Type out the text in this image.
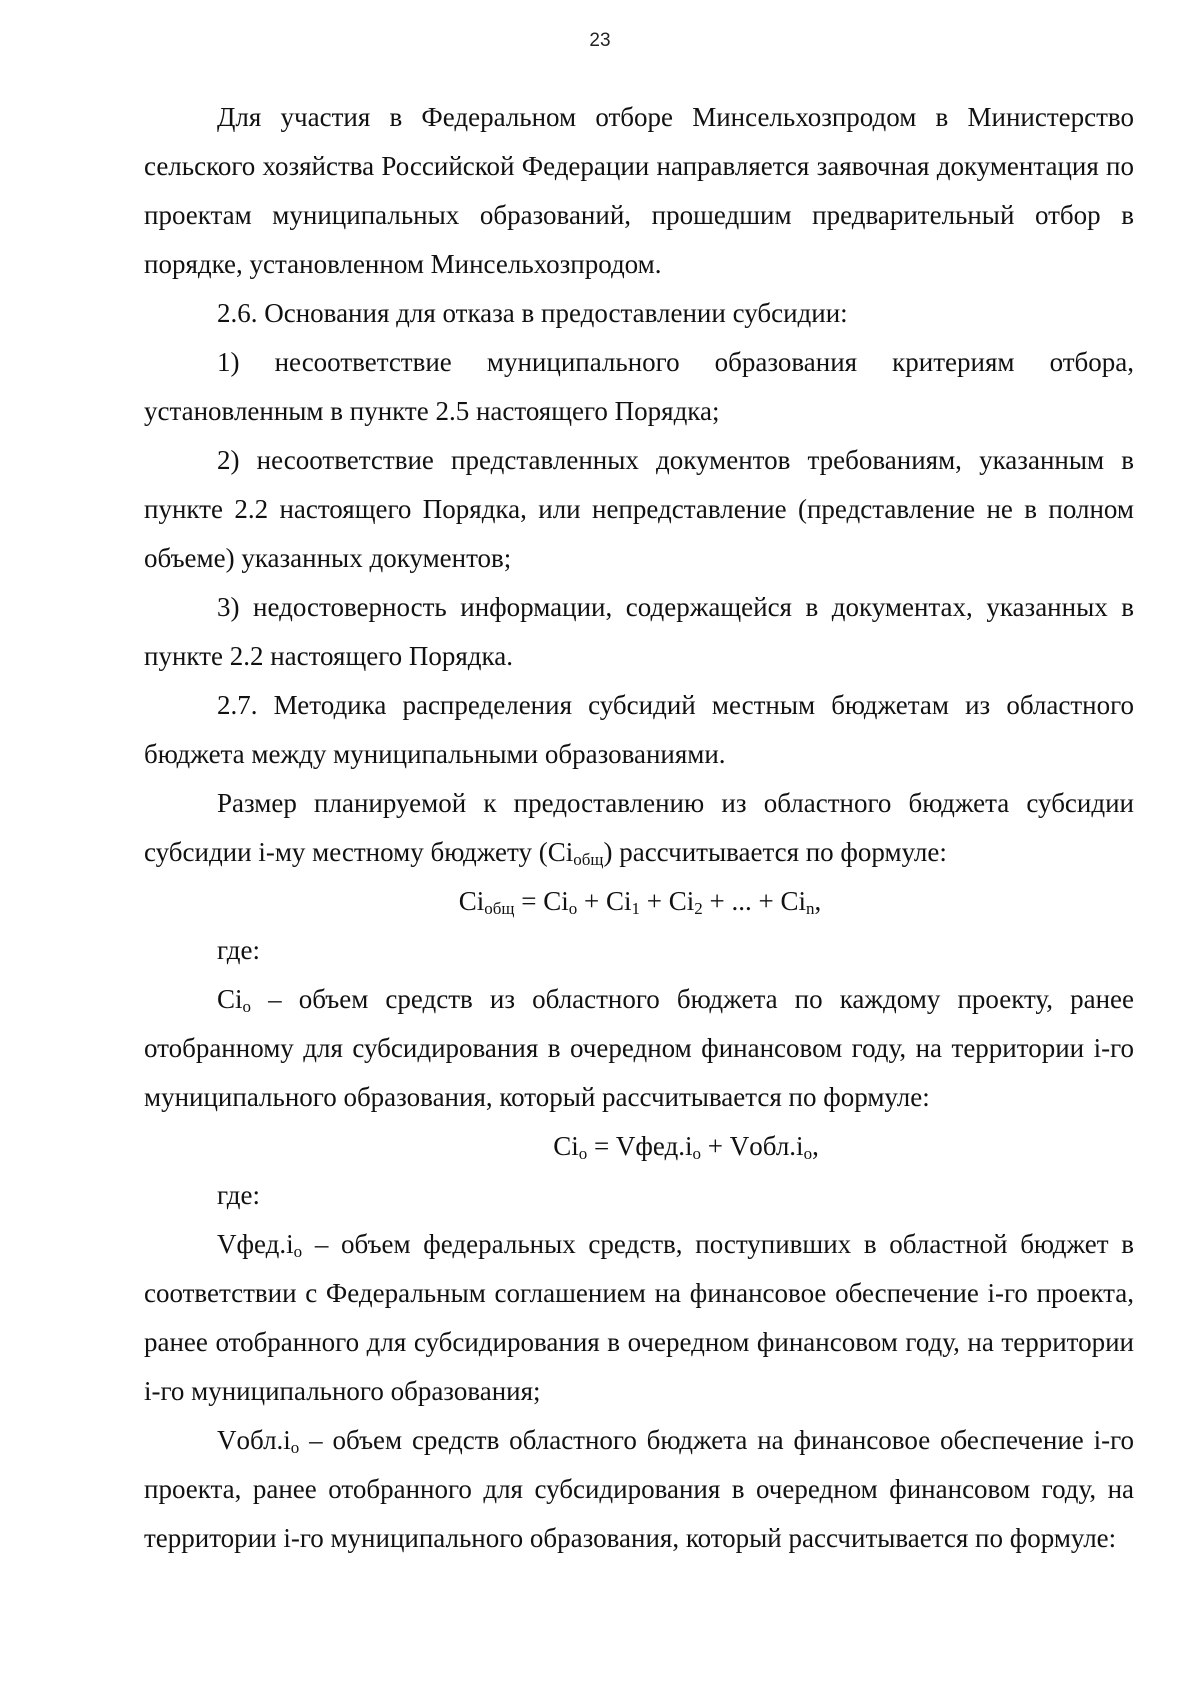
23

Для участия в Федеральном отборе Минсельхозпродом в Министерство сельского хозяйства Российской Федерации направляется заявочная документация по проектам муниципальных образований, прошедшим предварительный отбор в порядке, установленном Минсельхозпродом.

2.6. Основания для отказа в предоставлении субсидии:

1) несоответствие муниципального образования критериям отбора, установленным в пункте 2.5 настоящего Порядка;

2) несоответствие представленных документов требованиям, указанным в пункте 2.2 настоящего Порядка, или непредставление (представление не в полном объеме) указанных документов;

3) недостоверность информации, содержащейся в документах, указанных в пункте 2.2 настоящего Порядка.

2.7. Методика распределения субсидий местным бюджетам из областного бюджета между муниципальными образованиями.

Размер планируемой к предоставлению из областного бюджета субсидии субсидии i-му местному бюджету $(Ci_{общ})$ рассчитывается по формуле:

$Ci_{общ} = Ci_о + Ci_1 + Ci_2$ + ... + $Ci_n$,

где:

$Ci_о$ – объем средств из областного бюджета по каждому проекту, ранее отобранному для субсидирования в очередном финансовом году, на территории i-го муниципального образования, который рассчитывается по формуле:

$Ci_о$ = $Vфед.i_о$ + $Vобл.i_о$,

где:

$Vфед.i_о$ – объем федеральных средств, поступивших в областной бюджет в соответствии с Федеральным соглашением на финансовое обеспечение i-го проекта, ранее отобранного для субсидирования в очередном финансовом году, на территории i-го муниципального образования;

$Vобл.i_о$ – объем средств областного бюджета на финансовое обеспечение i-го проекта, ранее отобранного для субсидирования в очередном финансовом году, на территории i-го муниципального образования, который рассчитывается по формуле:
